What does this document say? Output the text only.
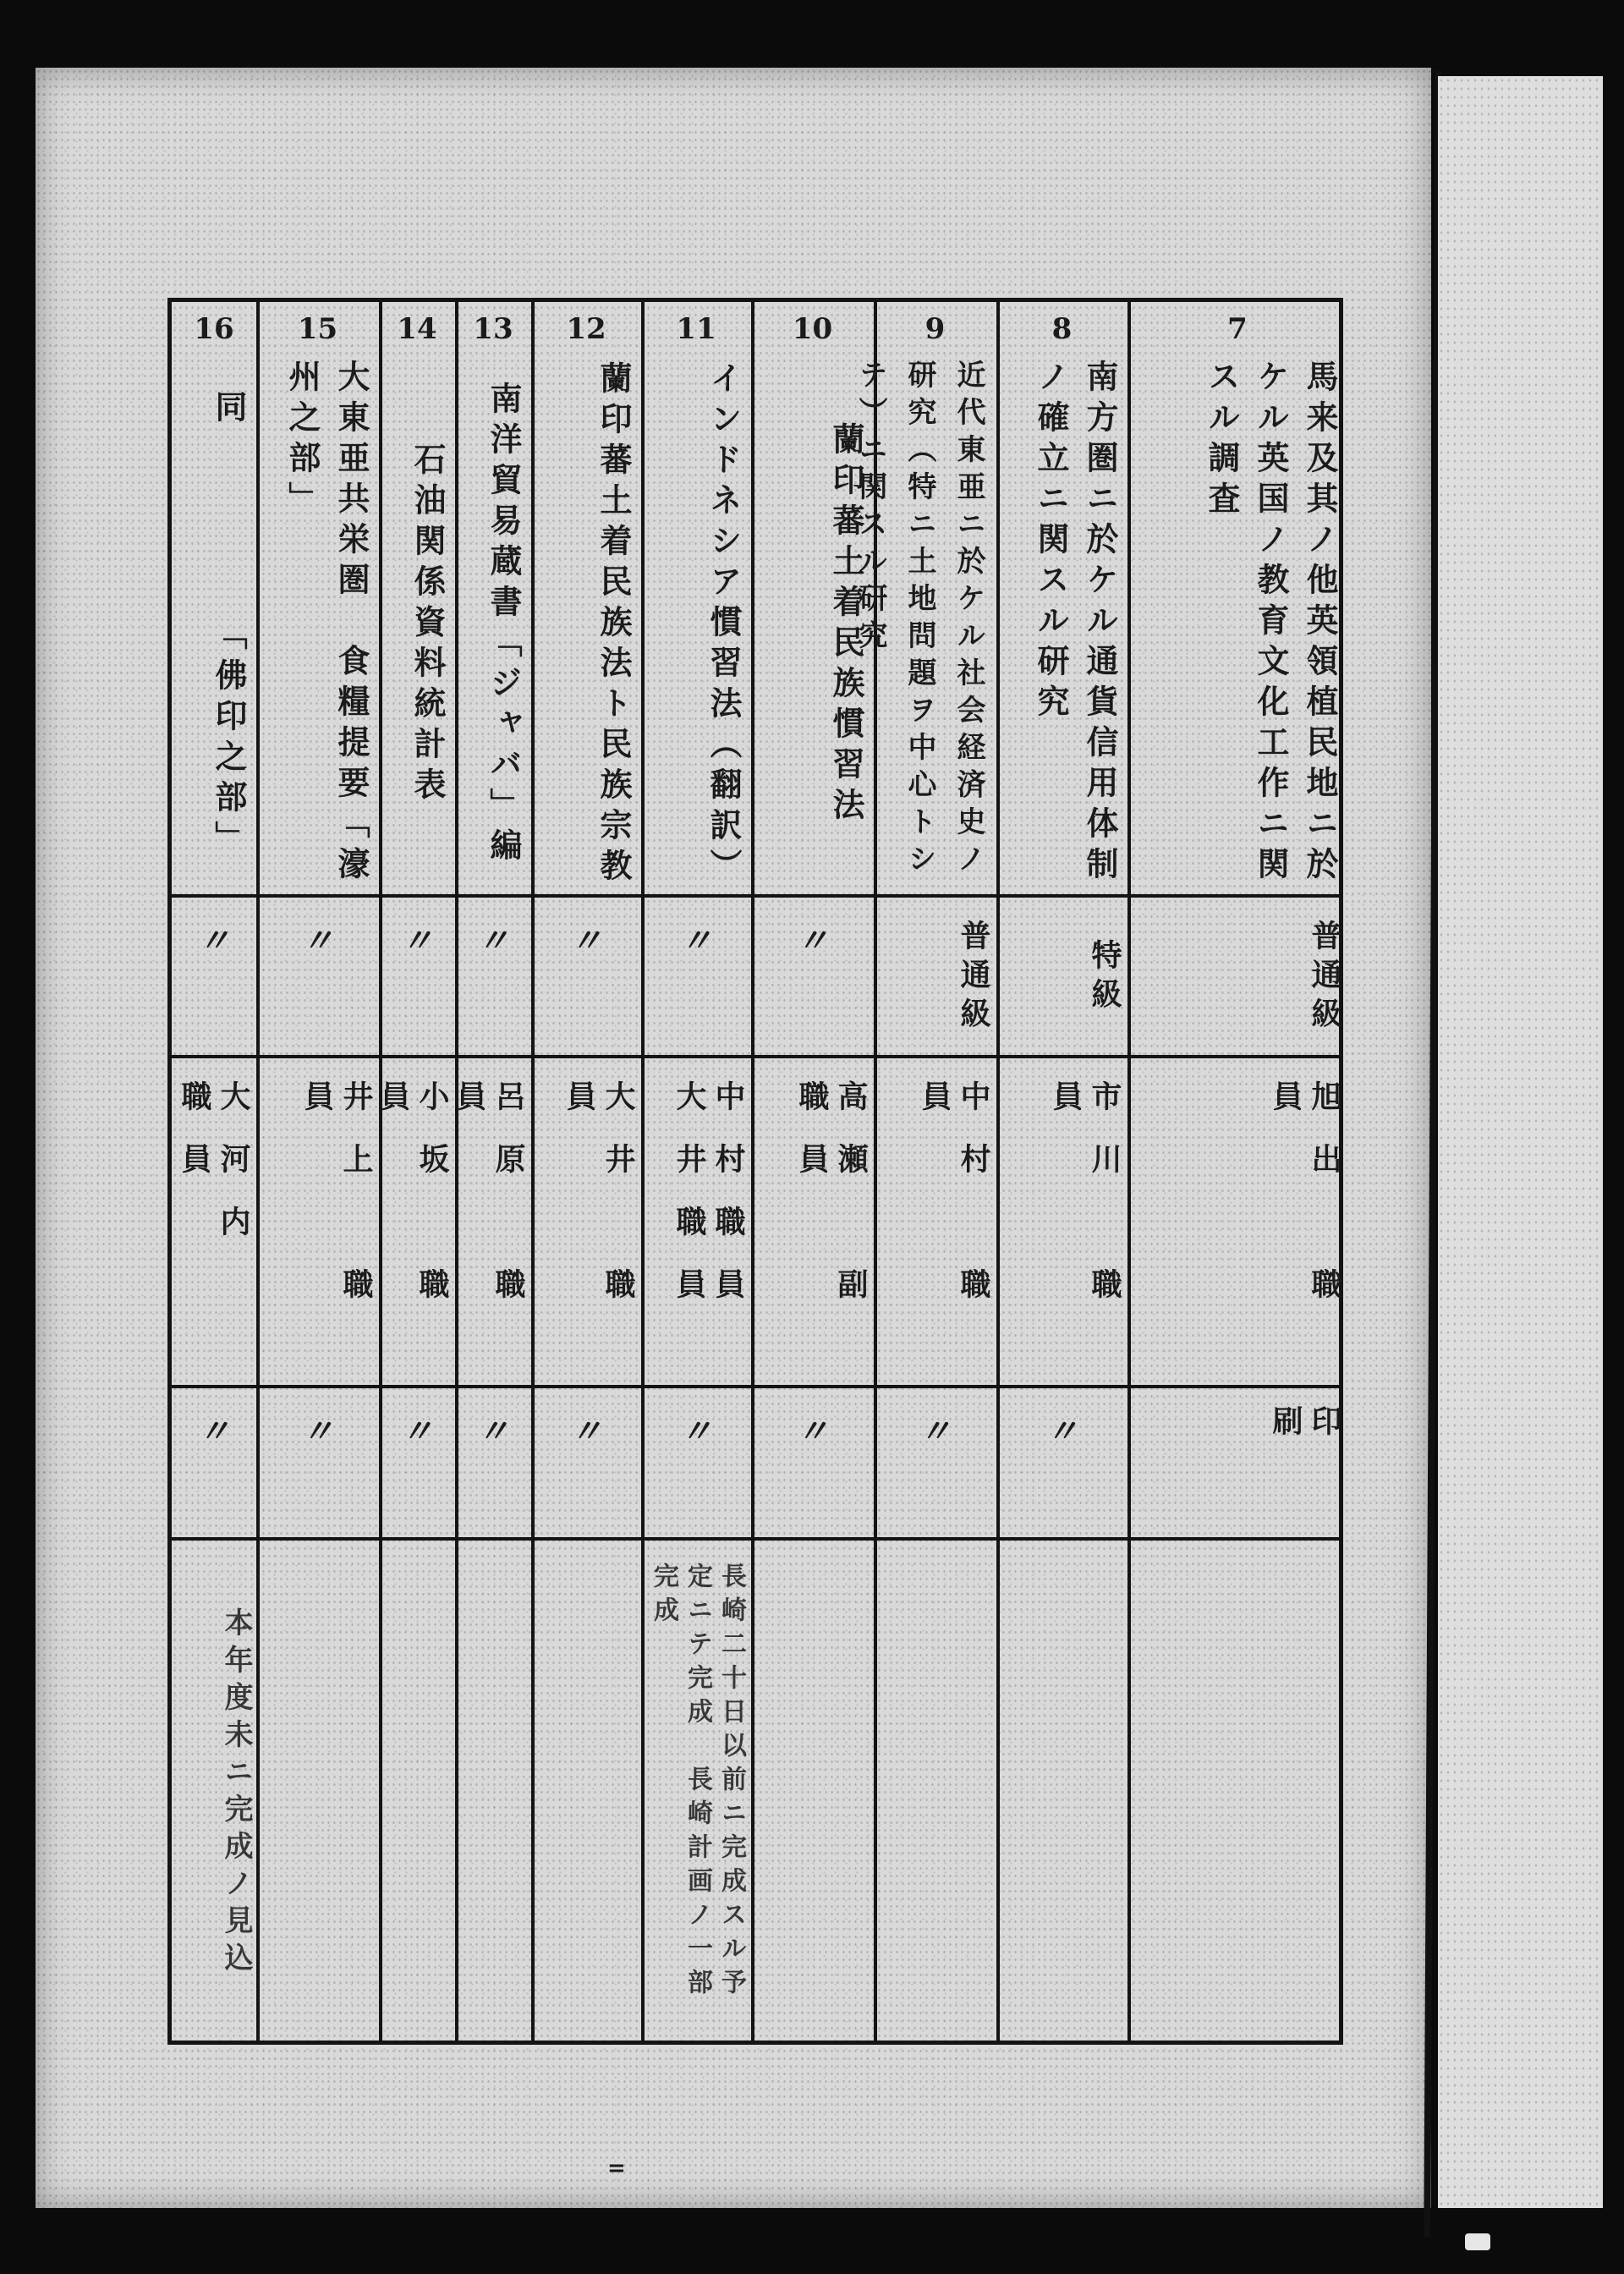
16
同　　　　　「佛印之部」
〃
大河内　職員
〃
本年度未ニ完成ノ見込
15
大東亜共栄圏　食糧提要「濠州之部」
〃
井上　職員
〃
14
石油関係資料統計表
〃
小坂　職員
〃
13
南洋貿易蔵書「ジャバ」編
〃
呂原　職員
〃
12
蘭印蕃土着民族法ト民族宗教
〃
大井　職員
〃
11
インドネシア慣習法（翻訳）
〃
中村職員　大井職員
〃
長崎二十日以前ニ完成スル予定ニテ完成　長崎計画ノ一部完成
10
蘭印蕃土着民族慣習法
〃
高瀬　副職員
〃
9
近代東亜ニ於ケル社会経済史ノ研究（特ニ土地問題ヲ中心トシテ）ニ関スル研究
普通級
中村　職員
〃
8
南方圏ニ於ケル通貨信用体制ノ確立ニ関スル研究
特級
市川　職員
〃
7
馬来及其ノ他英領植民地ニ於ケル英国ノ教育文化工作ニ関スル調査
普通級
旭出　職員
印刷
=
